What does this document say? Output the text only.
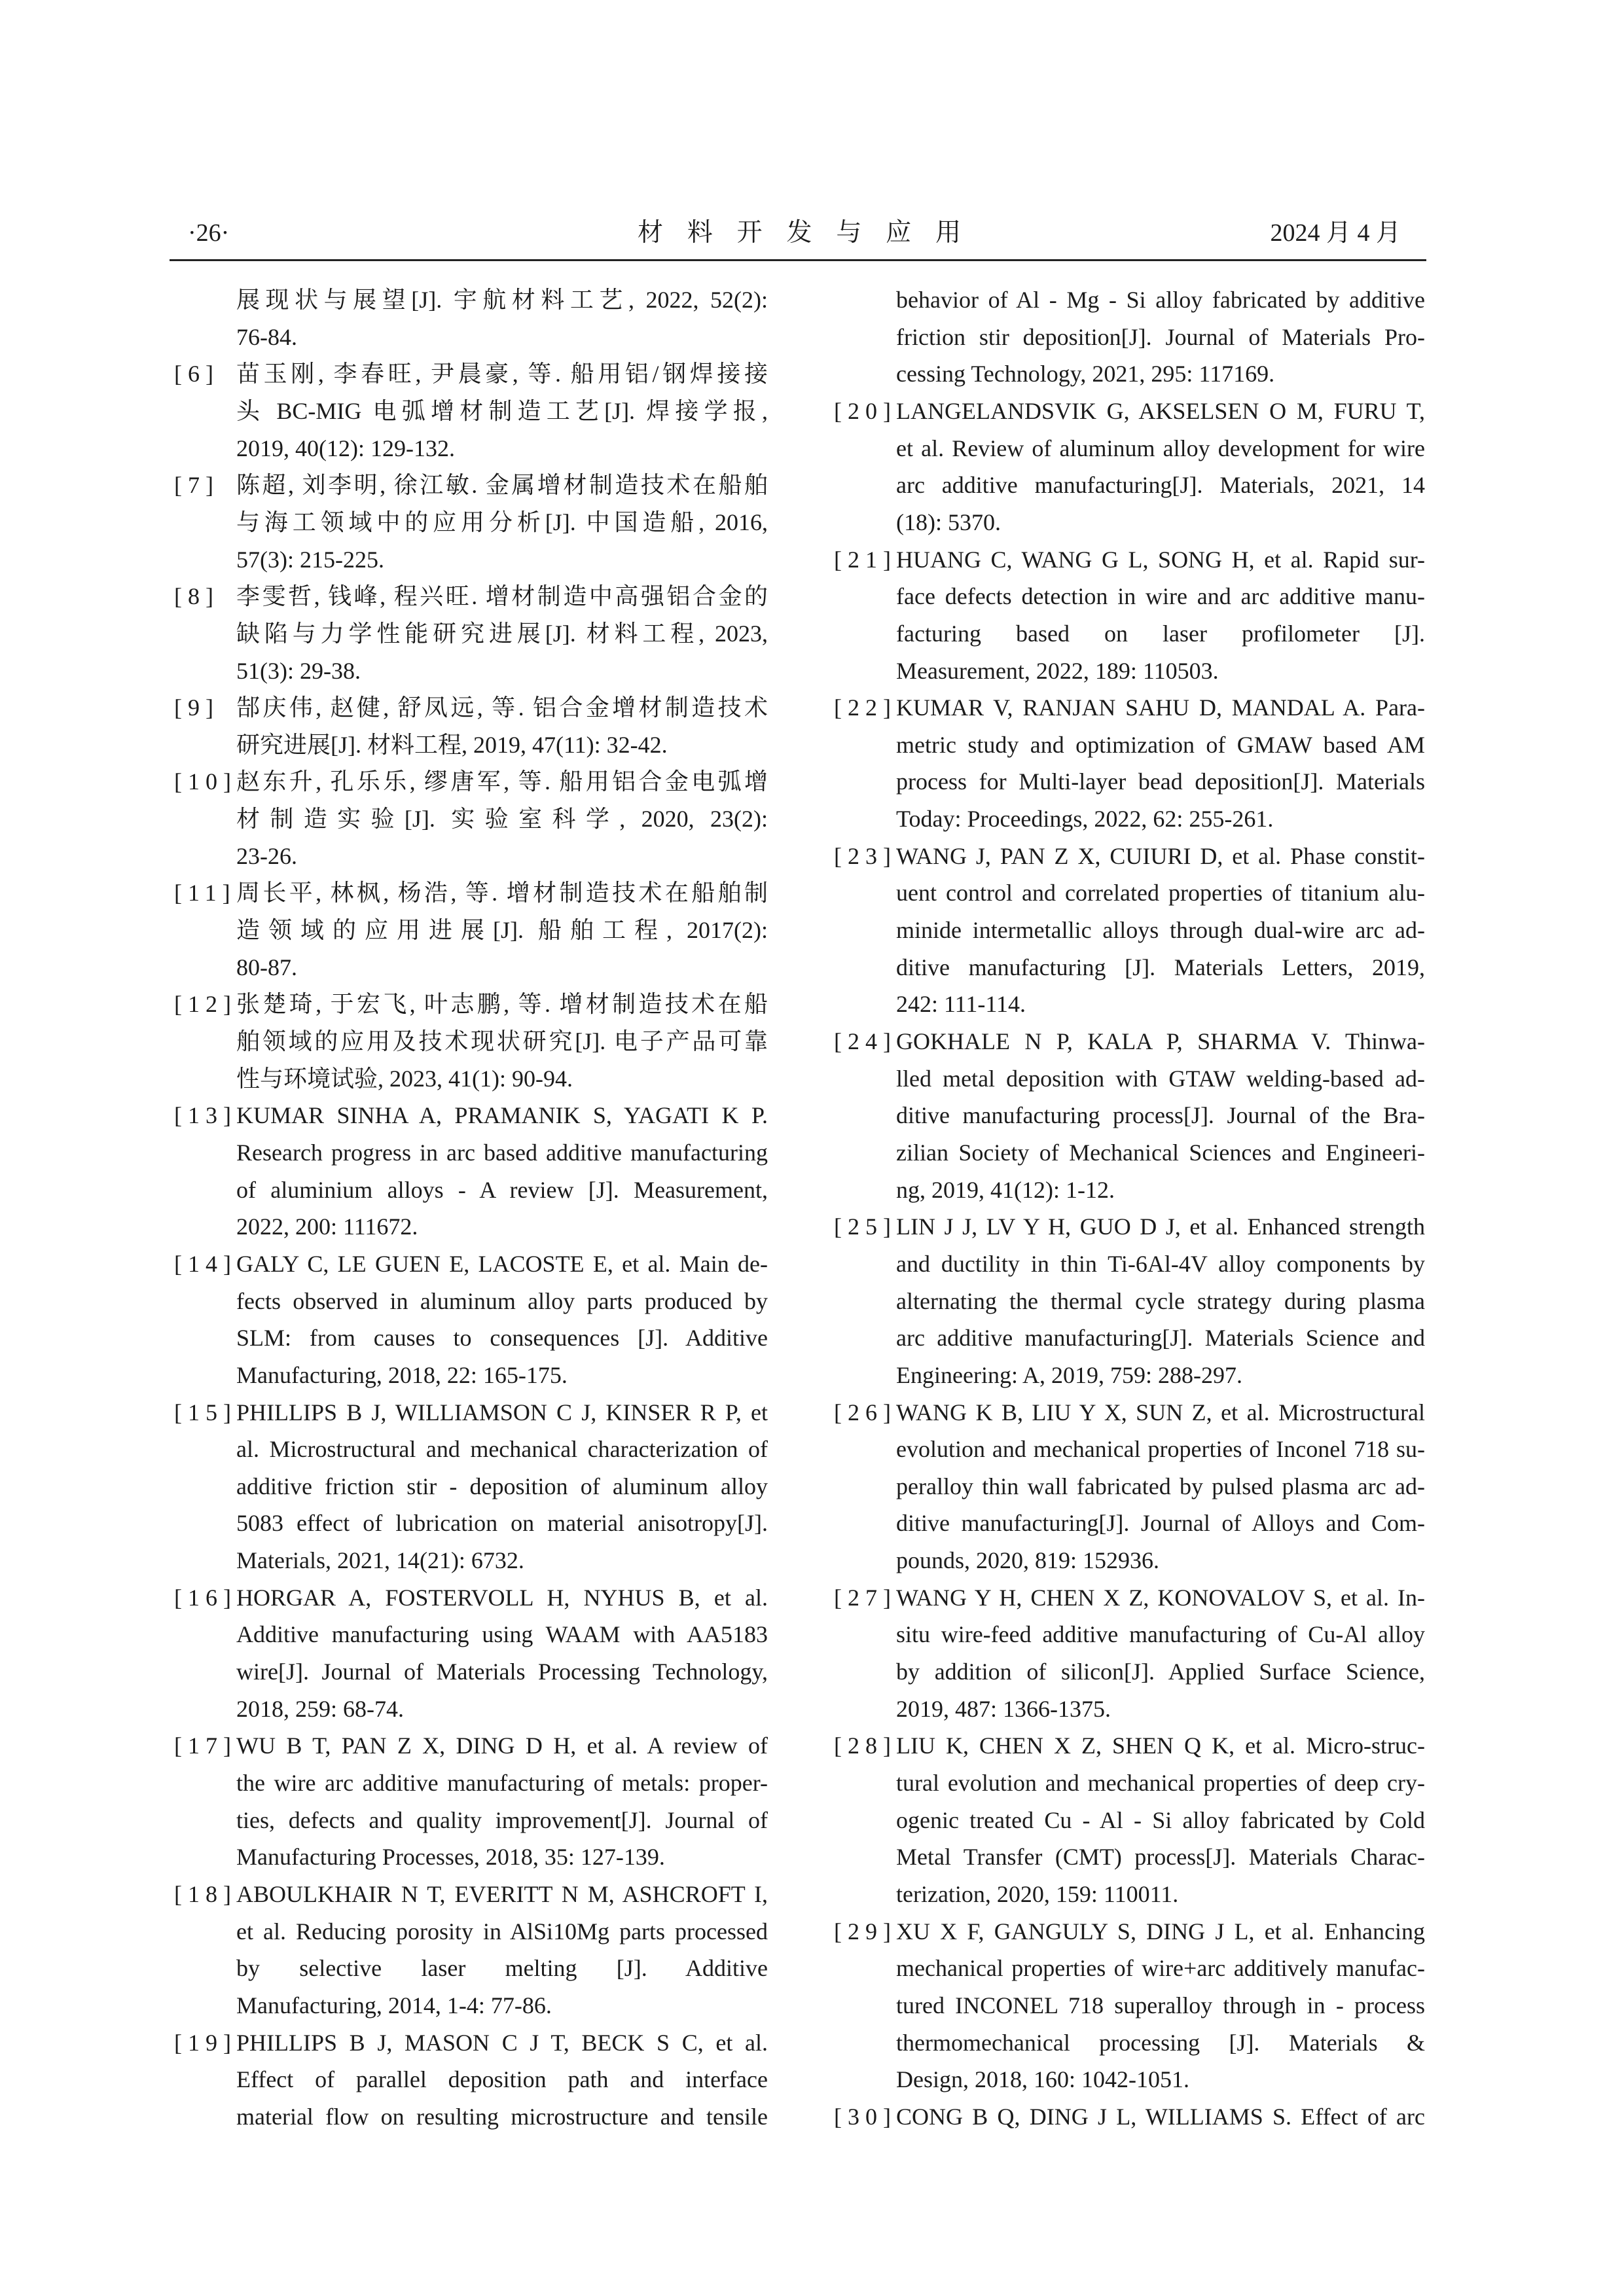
·26·	材 料 开 发 与 应 用	2024 月 4 月
展现状与展望[J]. 宇航材料工艺, 2022, 52(2):
76-84.
[6] 苗玉刚, 李春旺, 尹晨豪, 等. 船用铝/钢焊接接
头 BC-MIG 电弧增材制造工艺[J]. 焊接学报,
2019, 40(12): 129-132.
[7] 陈超, 刘李明, 徐江敏. 金属增材制造技术在船舶
与海工领域中的应用分析[J]. 中国造船, 2016,
57(3): 215-225.
[8] 李雯哲, 钱峰, 程兴旺. 增材制造中高强铝合金的
缺陷与力学性能研究进展[J]. 材料工程, 2023,
51(3): 29-38.
[9] 郜庆伟, 赵健, 舒凤远, 等. 铝合金增材制造技术
研究进展[J]. 材料工程, 2019, 47(11): 32-42.
[10] 赵东升, 孔乐乐, 缪唐军, 等. 船用铝合金电弧增
材制造实验[J]. 实验室科学, 2020, 23(2):
23-26.
[11] 周长平, 林枫, 杨浩, 等. 增材制造技术在船舶制
造领域的应用进展[J]. 船舶工程, 2017(2):
80-87.
[12] 张楚琦, 于宏飞, 叶志鹏, 等. 增材制造技术在船
舶领域的应用及技术现状研究[J]. 电子产品可靠
性与环境试验, 2023, 41(1): 90-94.
[13] KUMAR SINHA A, PRAMANIK S, YAGATI K P.
Research progress in arc based additive manufacturing
of aluminium alloys - A review [J]. Measurement,
2022, 200: 111672.
[14] GALY C, LE GUEN E, LACOSTE E, et al. Main de-
fects observed in aluminum alloy parts produced by
SLM: from causes to consequences [J]. Additive
Manufacturing, 2018, 22: 165-175.
[15] PHILLIPS B J, WILLIAMSON C J, KINSER R P, et
al. Microstructural and mechanical characterization of
additive friction stir - deposition of aluminum alloy
5083 effect of lubrication on material anisotropy[J].
Materials, 2021, 14(21): 6732.
[16] HORGAR A, FOSTERVOLL H, NYHUS B, et al.
Additive manufacturing using WAAM with AA5183
wire[J]. Journal of Materials Processing Technology,
2018, 259: 68-74.
[17] WU B T, PAN Z X, DING D H, et al. A review of
the wire arc additive manufacturing of metals: proper-
ties, defects and quality improvement[J]. Journal of
Manufacturing Processes, 2018, 35: 127-139.
[18] ABOULKHAIR N T, EVERITT N M, ASHCROFT I,
et al. Reducing porosity in AlSi10Mg parts processed
by selective laser melting [J]. Additive
Manufacturing, 2014, 1-4: 77-86.
[19] PHILLIPS B J, MASON C J T, BECK S C, et al.
Effect of parallel deposition path and interface
material flow on resulting microstructure and tensile
behavior of Al - Mg - Si alloy fabricated by additive
friction stir deposition[J]. Journal of Materials Pro-
cessing Technology, 2021, 295: 117169.
[20] LANGELANDSVIK G, AKSELSEN O M, FURU T,
et al. Review of aluminum alloy development for wire
arc additive manufacturing[J]. Materials, 2021, 14
(18): 5370.
[21] HUANG C, WANG G L, SONG H, et al. Rapid sur-
face defects detection in wire and arc additive manu-
facturing based on laser profilometer [J].
Measurement, 2022, 189: 110503.
[22] KUMAR V, RANJAN SAHU D, MANDAL A. Para-
metric study and optimization of GMAW based AM
process for Multi-layer bead deposition[J]. Materials
Today: Proceedings, 2022, 62: 255-261.
[23] WANG J, PAN Z X, CUIURI D, et al. Phase constit-
uent control and correlated properties of titanium alu-
minide intermetallic alloys through dual-wire arc ad-
ditive manufacturing [J]. Materials Letters, 2019,
242: 111-114.
[24] GOKHALE N P, KALA P, SHARMA V. Thinwa-
lled metal deposition with GTAW welding-based ad-
ditive manufacturing process[J]. Journal of the Bra-
zilian Society of Mechanical Sciences and Engineeri-
ng, 2019, 41(12): 1-12.
[25] LIN J J, LV Y H, GUO D J, et al. Enhanced strength
and ductility in thin Ti-6Al-4V alloy components by
alternating the thermal cycle strategy during plasma
arc additive manufacturing[J]. Materials Science and
Engineering: A, 2019, 759: 288-297.
[26] WANG K B, LIU Y X, SUN Z, et al. Microstructural
evolution and mechanical properties of Inconel 718 su-
peralloy thin wall fabricated by pulsed plasma arc ad-
ditive manufacturing[J]. Journal of Alloys and Com-
pounds, 2020, 819: 152936.
[27] WANG Y H, CHEN X Z, KONOVALOV S, et al. In-
situ wire-feed additive manufacturing of Cu-Al alloy
by addition of silicon[J]. Applied Surface Science,
2019, 487: 1366-1375.
[28] LIU K, CHEN X Z, SHEN Q K, et al. Micro-struc-
tural evolution and mechanical properties of deep cry-
ogenic treated Cu - Al - Si alloy fabricated by Cold
Metal Transfer (CMT) process[J]. Materials Charac-
terization, 2020, 159: 110011.
[29] XU X F, GANGULY S, DING J L, et al. Enhancing
mechanical properties of wire+arc additively manufac-
tured INCONEL 718 superalloy through in - process
thermomechanical processing [J]. Materials &
Design, 2018, 160: 1042-1051.
[30] CONG B Q, DING J L, WILLIAMS S. Effect of arc
